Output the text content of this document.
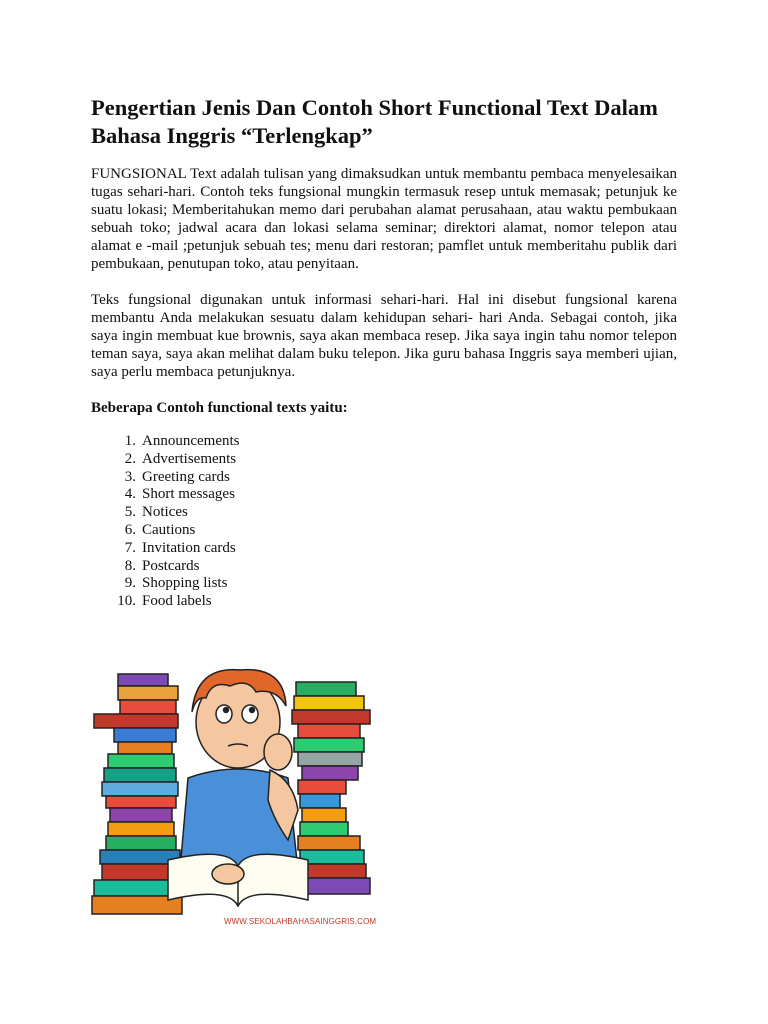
Pengertian Jenis Dan Contoh Short Functional Text Dalam Bahasa Inggris “Terlengkap”

FUNGSIONAL Text adalah tulisan yang dimaksudkan untuk membantu pembaca menyelesaikan tugas sehari-hari. Contoh teks fungsional mungkin termasuk resep untuk memasak; petunjuk ke suatu lokasi; Memberitahukan memo dari perubahan alamat perusahaan, atau waktu pembukaan sebuah toko; jadwal acara dan lokasi selama seminar; direktori alamat, nomor telepon atau alamat e -mail ;petunjuk sebuah tes; menu dari restoran; pamflet untuk memberitahu publik dari pembukaan, penutupan toko, atau penyitaan.

Teks fungsional digunakan untuk informasi sehari-hari. Hal ini disebut fungsional karena membantu Anda melakukan sesuatu dalam kehidupan sehari- hari Anda. Sebagai contoh, jika saya ingin membuat kue brownis, saya akan membaca resep. Jika saya ingin tahu nomor telepon teman saya, saya akan melihat dalam buku telepon. Jika guru bahasa Inggris saya memberi ujian, saya perlu membaca petunjuknya.

Beberapa Contoh functional texts yaitu:

1. Announcements
2. Advertisements
3. Greeting cards
4. Short messages
5. Notices
6. Cautions
7. Invitation cards
8. Postcards
9. Shopping lists
10. Food labels
WWW.SEKOLAHBAHASAINGGRIS.COM
